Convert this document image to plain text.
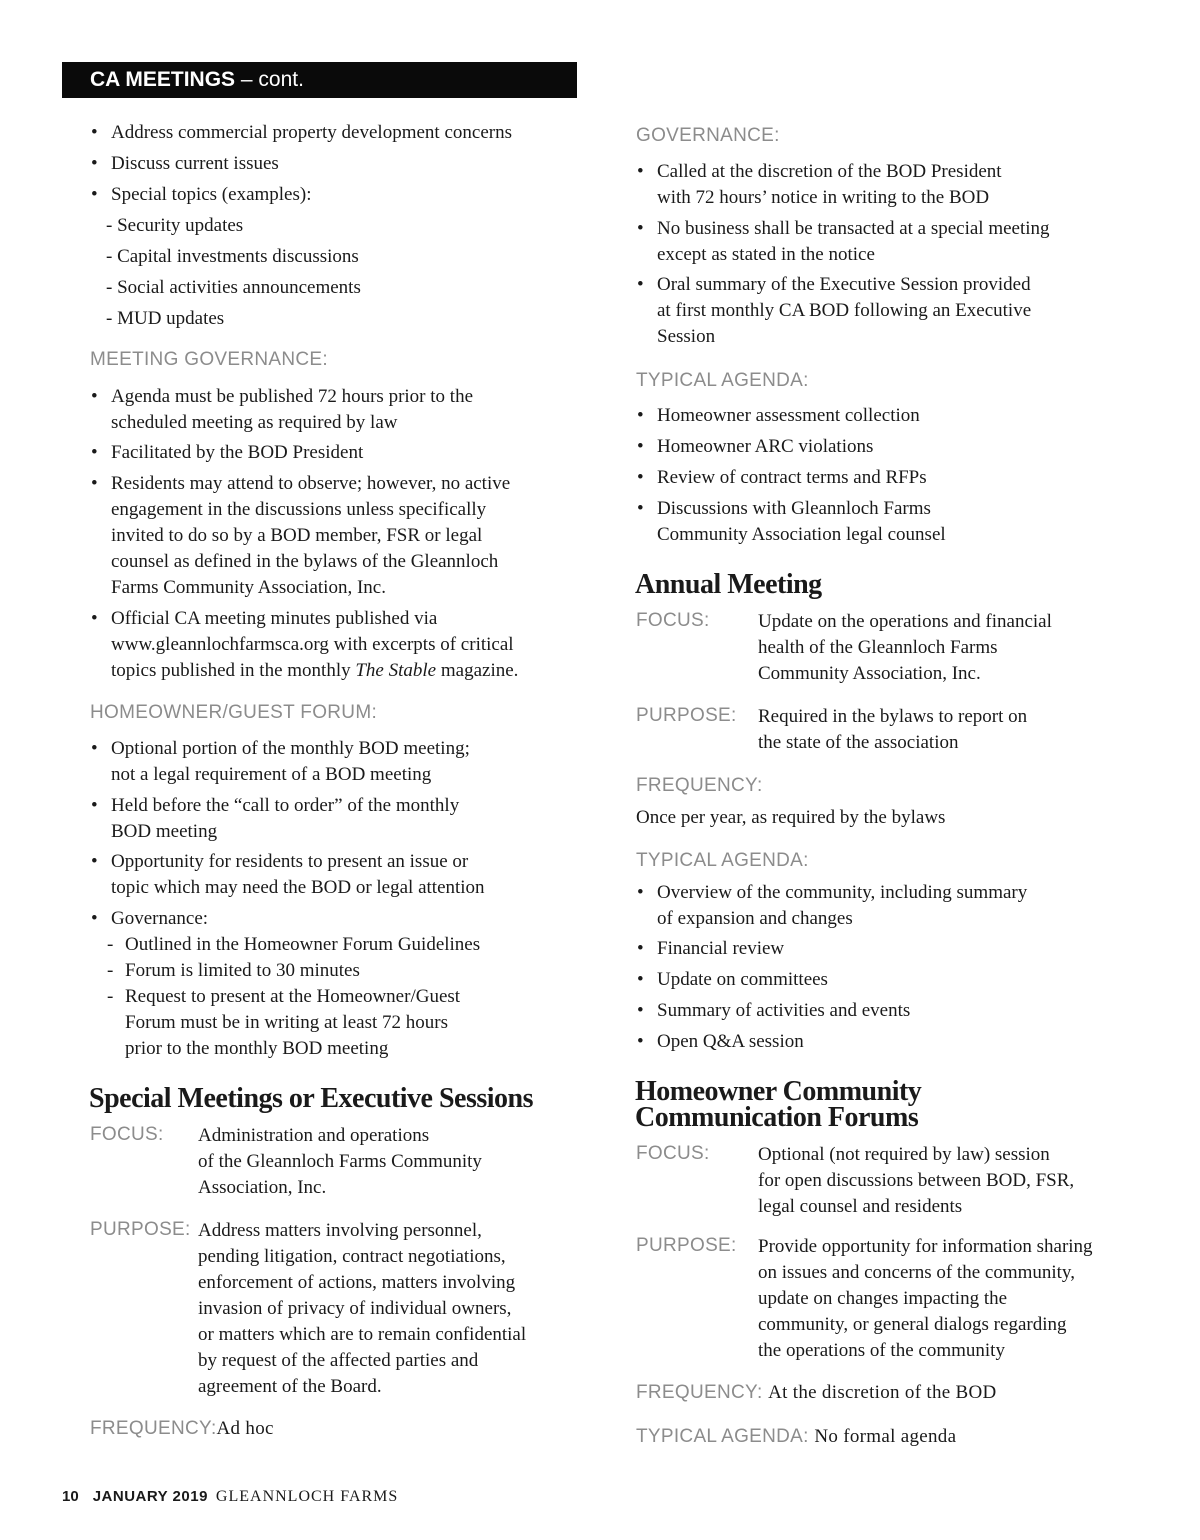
CA MEETINGS – cont.
• Address commercial property development concerns
• Discuss current issues
• Special topics (examples):
- Security updates
- Capital investments discussions
- Social activities announcements
- MUD updates
MEETING GOVERNANCE:
• Agenda must be published 72 hours prior to the
scheduled meeting as required by law
• Facilitated by the BOD President
• Residents may attend to observe; however, no active
engagement in the discussions unless specifically
invited to do so by a BOD member, FSR or legal
counsel as defined in the bylaws of the Gleannloch
Farms Community Association, Inc.
• Official CA meeting minutes published via
www.gleannlochfarmsca.org with excerpts of critical
topics published in the monthly The Stable magazine.
HOMEOWNER/GUEST FORUM:
• Optional portion of the monthly BOD meeting;
not a legal requirement of a BOD meeting
• Held before the “call to order” of the monthly
BOD meeting
• Opportunity for residents to present an issue or
topic which may need the BOD or legal attention
• Governance:
- Outlined in the Homeowner Forum Guidelines
- Forum is limited to 30 minutes
- Request to present at the Homeowner/Guest
Forum must be in writing at least 72 hours
prior to the monthly BOD meeting
Special Meetings or Executive Sessions
FOCUS: Administration and operations
of the Gleannloch Farms Community
Association, Inc.
PURPOSE: Address matters involving personnel,
pending litigation, contract negotiations,
enforcement of actions, matters involving
invasion of privacy of individual owners,
or matters which are to remain confidential
by request of the affected parties and
agreement of the Board.
FREQUENCY:Ad hoc
GOVERNANCE:
• Called at the discretion of the BOD President
with 72 hours’ notice in writing to the BOD
• No business shall be transacted at a special meeting
except as stated in the notice
• Oral summary of the Executive Session provided
at first monthly CA BOD following an Executive
Session
TYPICAL AGENDA:
• Homeowner assessment collection
• Homeowner ARC violations
• Review of contract terms and RFPs
• Discussions with Gleannloch Farms
Community Association legal counsel
Annual Meeting
FOCUS:	Update on the operations and financial
health of the Gleannloch Farms
Community Association, Inc.
PURPOSE: Required in the bylaws to report on
the state of the association
FREQUENCY:
Once per year, as required by the bylaws
TYPICAL AGENDA:
• Overview of the community, including summary
of expansion and changes
• Financial review
• Update on committees
• Summary of activities and events
• Open Q&A session
Homeowner Community
Communication Forums
FOCUS:	Optional (not required by law) session
for open discussions between BOD, FSR,
legal counsel and residents
PURPOSE: Provide opportunity for information sharing
on issues and concerns of the community,
update on changes impacting the
community, or general dialogs regarding
the operations of the community
FREQUENCY: At the discretion of the BOD
TYPICAL AGENDA: No formal agenda
10 JANUARY 2019 GLEANNLOCH FARMS
